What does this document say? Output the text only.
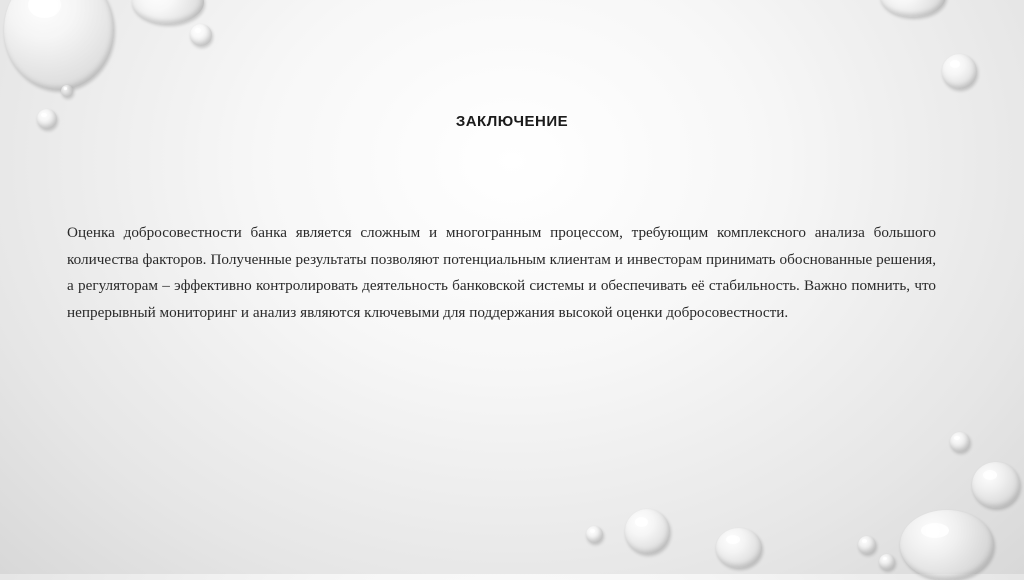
ЗАКЛЮЧЕНИЕ
Оценка добросовестности банка является сложным и многогранным процессом, требующим комплексного анализа большого количества факторов. Полученные результаты позволяют потенциальным клиентам и инвесторам принимать обоснованные решения, а регуляторам – эффективно контролировать деятельность банковской системы и обеспечивать её стабильность. Важно помнить, что непрерывный мониторинг и анализ являются ключевыми для поддержания высокой оценки добросовестности.
